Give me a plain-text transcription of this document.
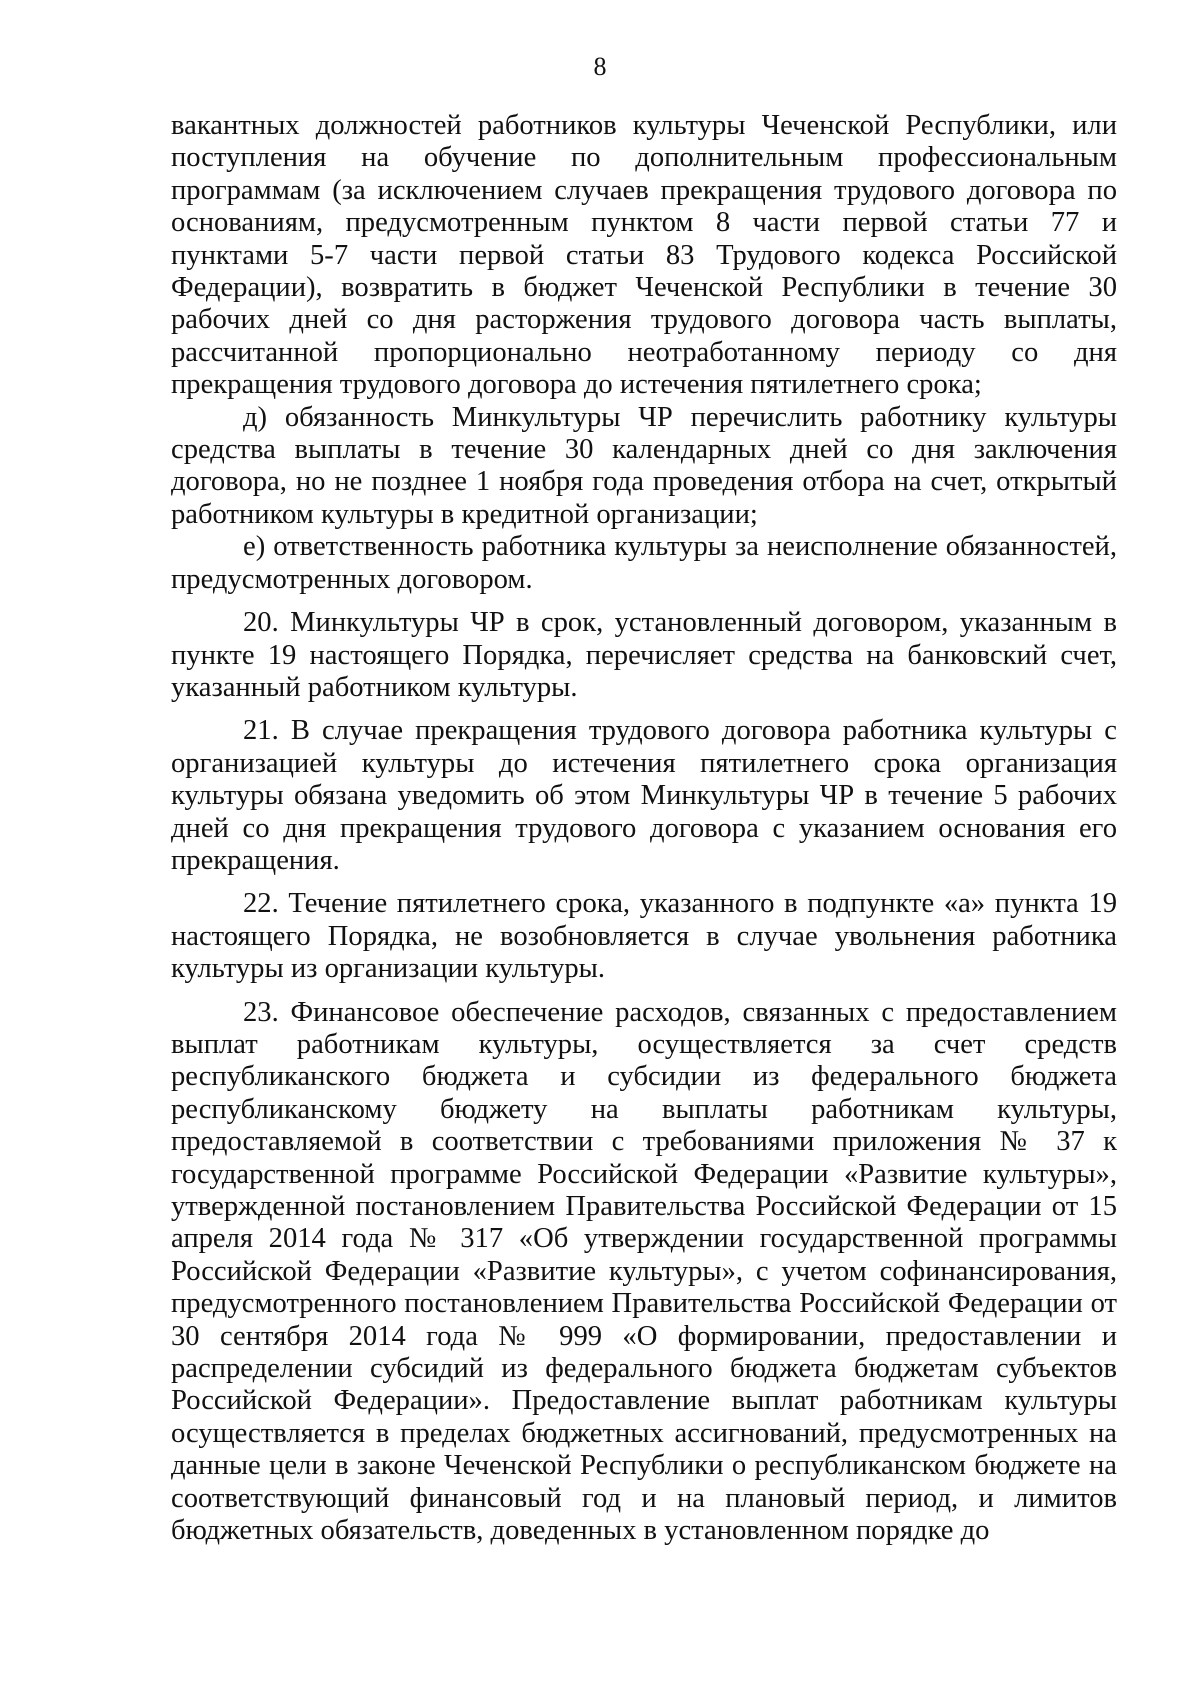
8

вакантных должностей работников культуры Чеченской Республики, или поступления на обучение по дополнительным профессиональным программам (за исключением случаев прекращения трудового договора по основаниям, предусмотренным пунктом 8 части первой статьи 77 и пунктами 5-7 части первой статьи 83 Трудового кодекса Российской Федерации), возвратить в бюджет Чеченской Республики в течение 30 рабочих дней со дня расторжения трудового договора часть выплаты, рассчитанной пропорционально неотработанному периоду со дня прекращения трудового договора до истечения пятилетнего срока;

д) обязанность Минкультуры ЧР перечислить работнику культуры средства выплаты в течение 30 календарных дней со дня заключения договора, но не позднее 1 ноября года проведения отбора на счет, открытый работником культуры в кредитной организации;

е) ответственность работника культуры за неисполнение обязанностей, предусмотренных договором.

20. Минкультуры ЧР в срок, установленный договором, указанным в пункте 19 настоящего Порядка, перечисляет средства на банковский счет, указанный работником культуры.

21. В случае прекращения трудового договора работника культуры с организацией культуры до истечения пятилетнего срока организация культуры обязана уведомить об этом Минкультуры ЧР в течение 5 рабочих дней со дня прекращения трудового договора с указанием основания его прекращения.

22. Течение пятилетнего срока, указанного в подпункте «а» пункта 19 настоящего Порядка, не возобновляется в случае увольнения работника культуры из организации культуры.

23. Финансовое обеспечение расходов, связанных с предоставлением выплат работникам культуры, осуществляется за счет средств республиканского бюджета и субсидии из федерального бюджета республиканскому бюджету на выплаты работникам культуры, предоставляемой в соответствии с требованиями приложения № 37 к государственной программе Российской Федерации «Развитие культуры», утвержденной постановлением Правительства Российской Федерации от 15 апреля 2014 года № 317 «Об утверждении государственной программы Российской Федерации «Развитие культуры», с учетом софинансирования, предусмотренного постановлением Правительства Российской Федерации от 30 сентября 2014 года № 999 «О формировании, предоставлении и распределении субсидий из федерального бюджета бюджетам субъектов Российской Федерации». Предоставление выплат работникам культуры осуществляется в пределах бюджетных ассигнований, предусмотренных на данные цели в законе Чеченской Республики о республиканском бюджете на соответствующий финансовый год и на плановый период, и лимитов бюджетных обязательств, доведенных в установленном порядке до
